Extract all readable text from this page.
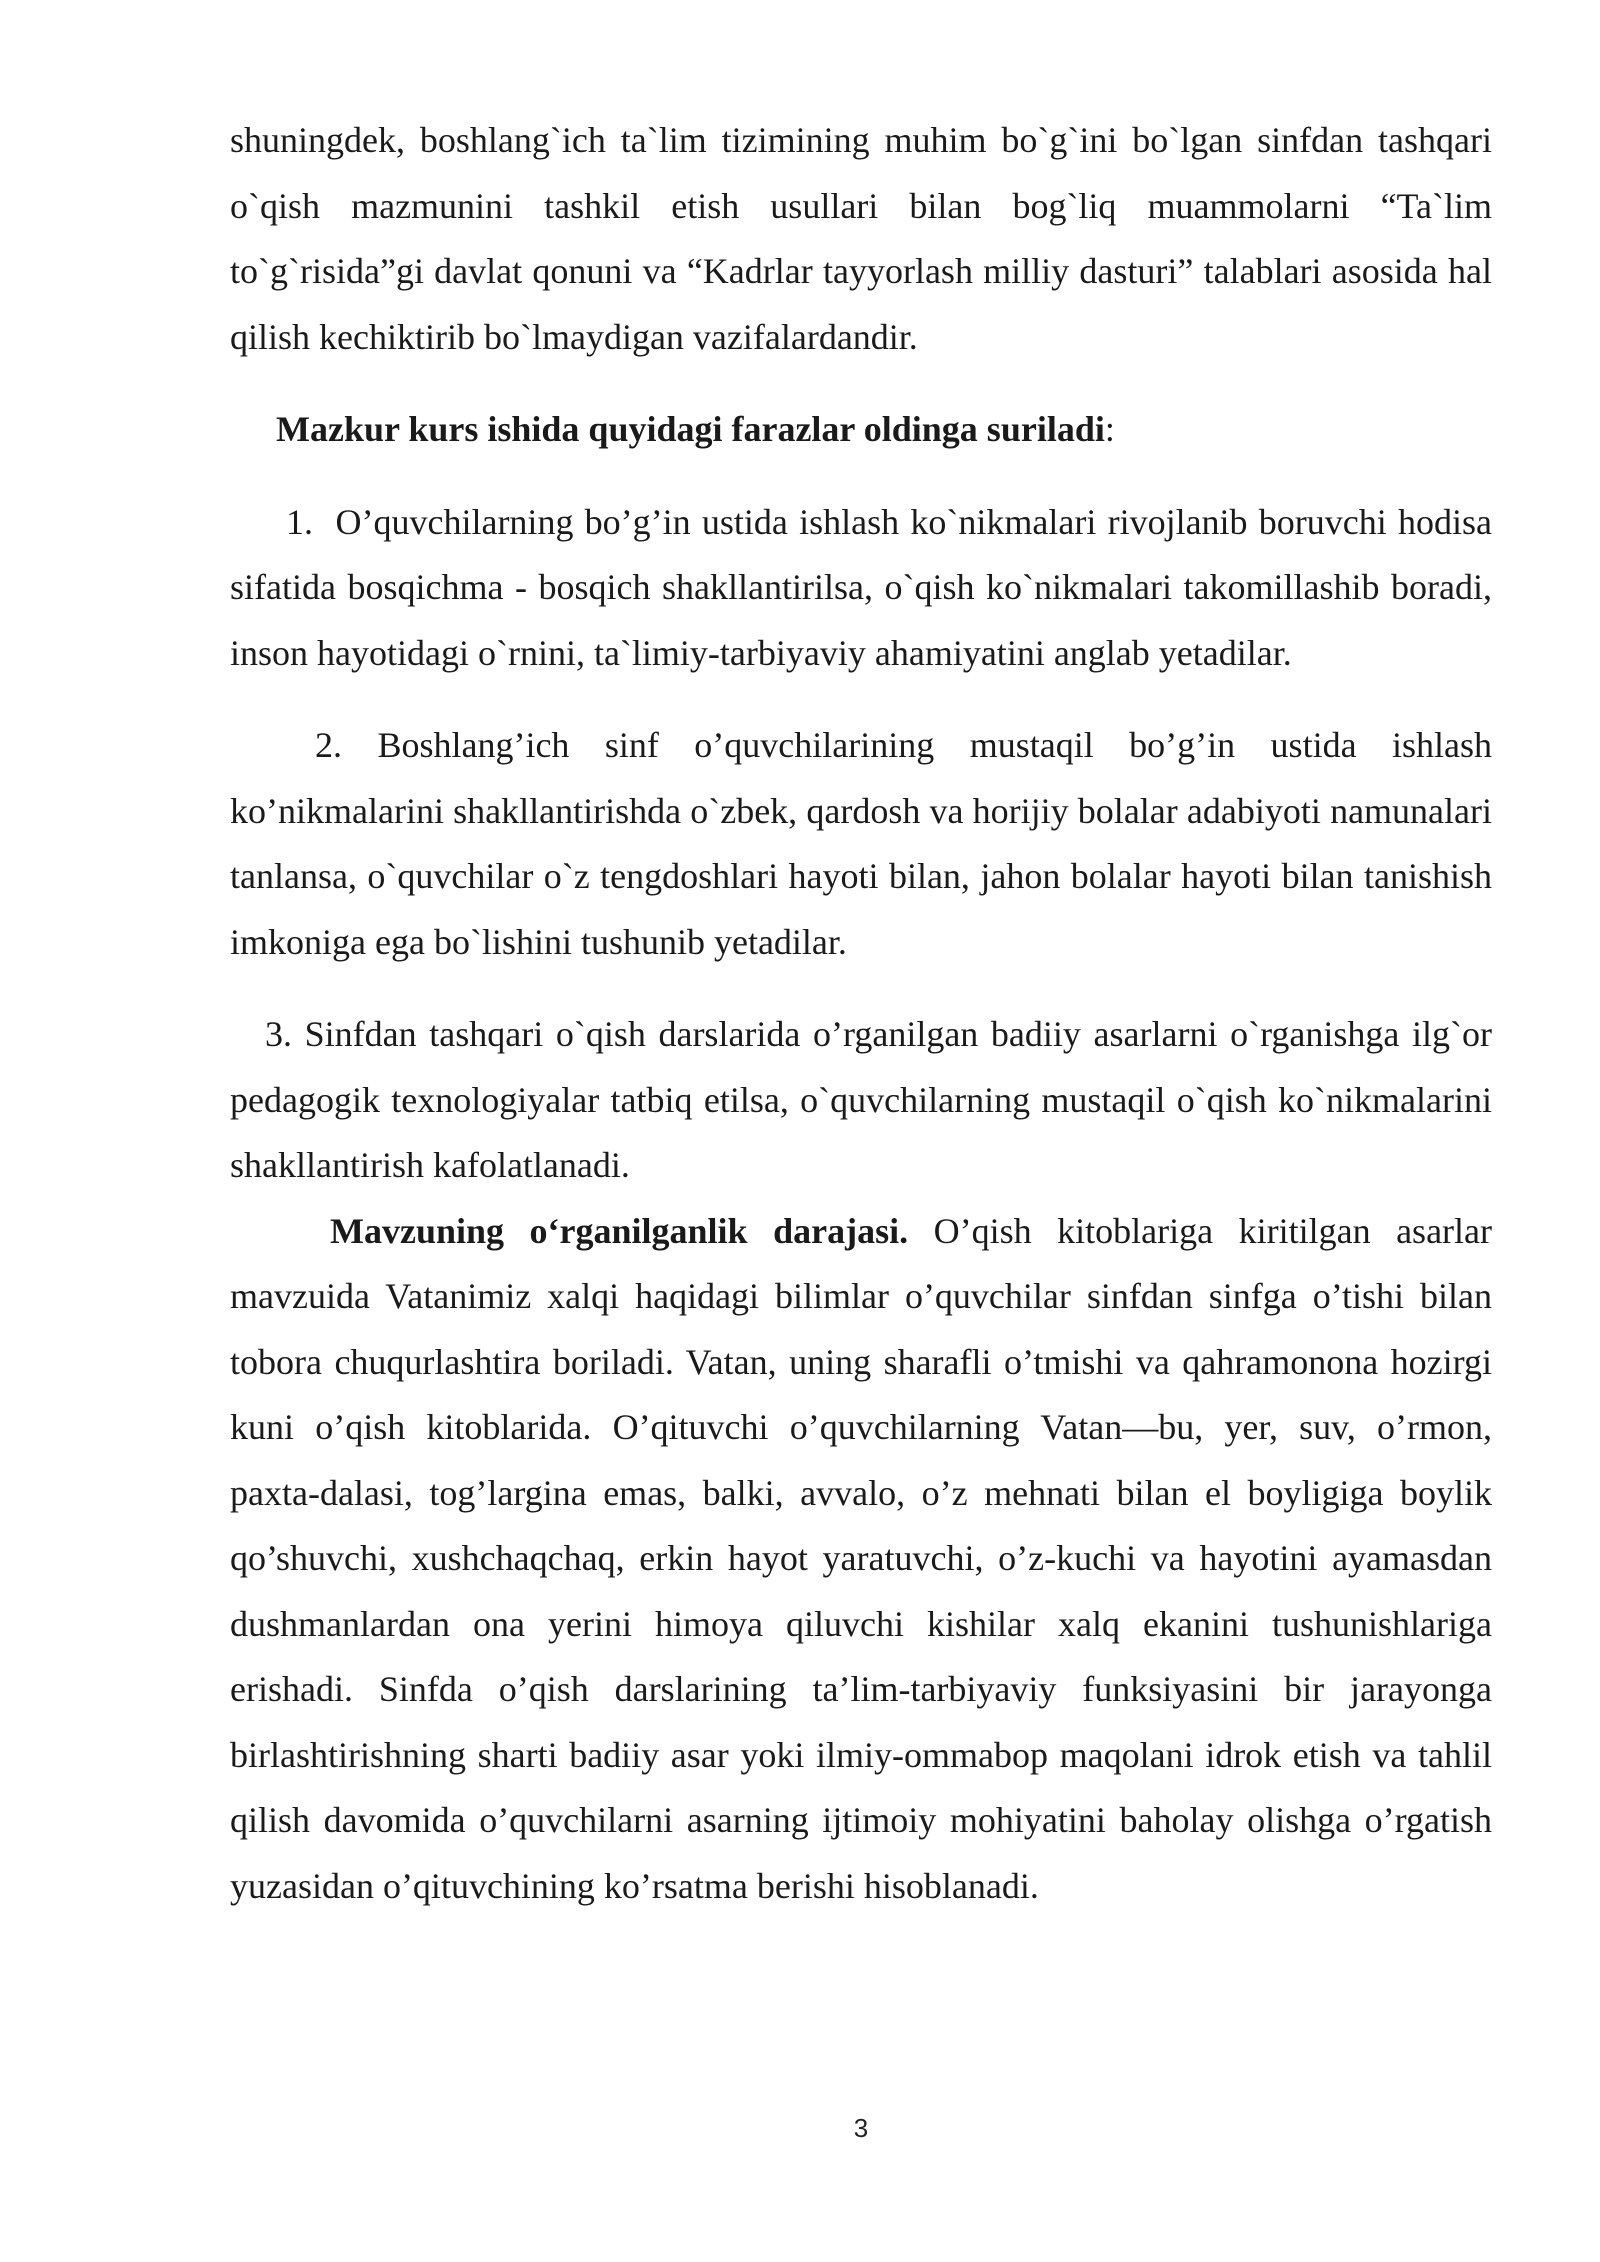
shuningdek, boshlang`ich ta`lim tizimining muhim bo`g`ini bo`lgan sinfdan tashqari o`qish mazmunini tashkil etish usullari bilan bog`liq muammolarni “Ta`lim to`g`risida”gi davlat qonuni va “Kadrlar tayyorlash milliy dasturi” talablari asosida hal qilish kechiktirib bo`lmaydigan vazifalardandir.

Mazkur kurs ishida quyidagi farazlar oldinga suriladi:

1. O’quvchilarning bo’g’in ustida ishlash ko`nikmalari rivojlanib boruvchi hodisa sifatida bosqichma - bosqich shakllantirilsa, o`qish ko`nikmalari takomillashib boradi, inson hayotidagi o`rnini, ta`limiy-tarbiyaviy ahamiyatini anglab yetadilar.

2. Boshlang’ich sinf o’quvchilarining mustaqil bo’g’in ustida ishlash ko’nikmalarini shakllantirishda o`zbek, qardosh va horijiy bolalar adabiyoti namunalari tanlansa, o`quvchilar o`z tengdoshlari hayoti bilan, jahon bolalar hayoti bilan tanishish imkoniga ega bo`lishini tushunib yetadilar.

3. Sinfdan tashqari o`qish darslarida o’rganilgan badiiy asarlarni o`rganishga ilg`or pedagogik texnologiyalar tatbiq etilsa, o`quvchilarning mustaqil o`qish ko`nikmalarini shakllantirish kafolatlanadi.

Mavzuning o‘rganilganlik darajasi. O’qish kitoblariga kiritilgan asarlar mavzuida Vatanimiz xalqi haqidagi bilimlar o’quvchilar sinfdan sinfga o’tishi bilan tobora chuqurlashtira boriladi. Vatan, uning sharafli o’tmishi va qahramonona hozirgi kuni o’qish kitoblarida. O’qituvchi o’quvchilarning Vatan—bu, yer, suv, o’rmon, paxta-dalasi, tog’largina emas, balki, avvalo, o’z mehnati bilan el boyligiga boylik qo’shuvchi, xushchaqchaq, erkin hayot yaratuvchi, o’z-kuchi va hayotini ayamasdan dushmanlardan ona yerini himoya qiluvchi kishilar xalq ekanini tushunishlariga erishadi. Sinfda o’qish darslarining ta’lim-tarbiyaviy funksiyasini bir jarayonga birlashtirishning sharti badiiy asar yoki ilmiy-ommabop maqolani idrok etish va tahlil qilish davomida o’quvchilarni asarning ijtimoiy mohiyatini baholay olishga o’rgatish yuzasidan o’qituvchining ko’rsatma berishi hisoblanadi.

3
